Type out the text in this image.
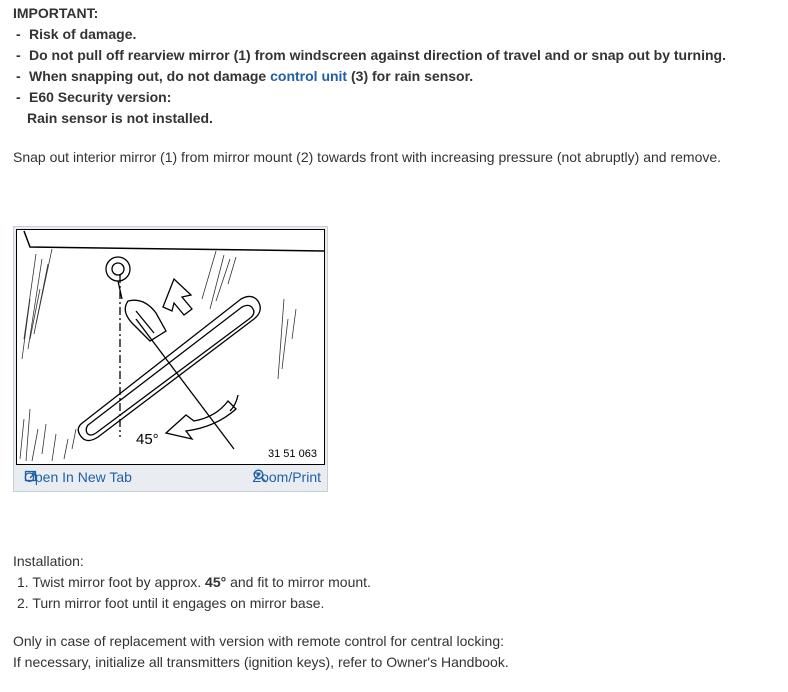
IMPORTANT:
- Risk of damage.
- Do not pull off rearview mirror (1) from windscreen against direction of travel and or snap out by turning.
- When snapping out, do not damage control unit (3) for rain sensor.
- E60 Security version:
Rain sensor is not installed.
Snap out interior mirror (1) from mirror mount (2) towards front with increasing pressure (not abruptly) and remove.
45°
31 51 063
Open In New Tab	Zoom/Print
Installation:
1. Twist mirror foot by approx. 45° and fit to mirror mount.
2. Turn mirror foot until it engages on mirror base.
Only in case of replacement with version with remote control for central locking:
If necessary, initialize all transmitters (ignition keys), refer to Owner's Handbook.
